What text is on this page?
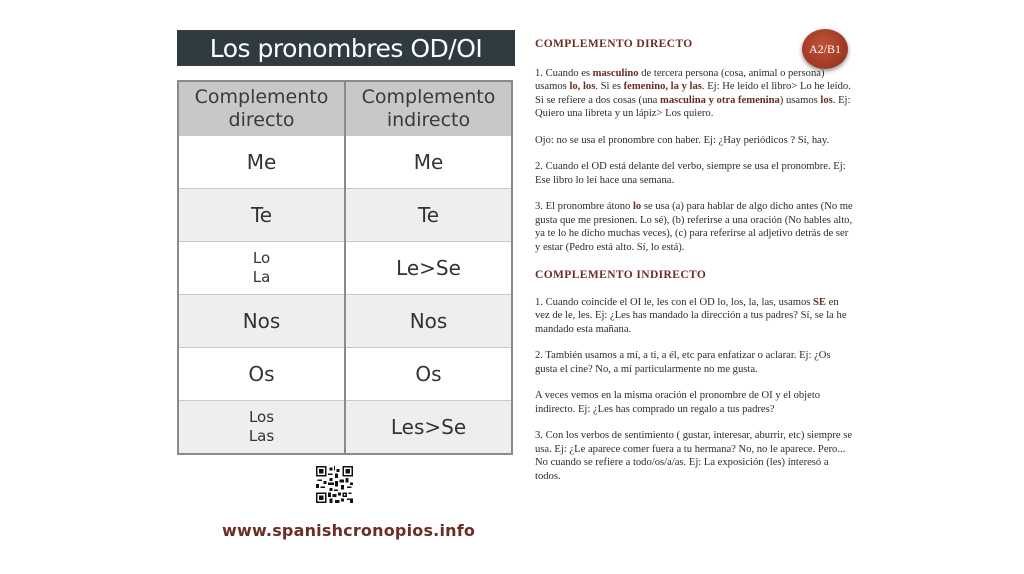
Los pronombres OD/OI
Complemento
directo	Complemento
indirecto

Me	Me

Te	Te

Lo
La	Le>Se

Nos	Nos

Os	Os

Los
Las	Les>Se
www.spanishcronopios.info
A2/B1
COMPLEMENTO DIRECTO

1. Cuando es masculino de tercera persona (cosa, animal o persona) usamos lo, los. Si es femenino, la y las. Ej: He leído el libro> Lo he leído. Si se refiere a dos cosas (una masculina y otra femenina) usamos los. Ej: Quiero una libreta y un lápiz> Los quiero.

Ojo: no se usa el pronombre con haber. Ej: ¿Hay periódicos ? Sí, hay.

2. Cuando el OD está delante del verbo, siempre se usa el pronombre. Ej: Ese libro lo leí hace una semana.

3. El pronombre átono lo se usa (a) para hablar de algo dicho antes (No me gusta que me presionen. Lo sé), (b) referirse a una oración (No hables alto, ya te lo he dicho muchas veces), (c) para referirse al adjetivo detrás de ser y estar (Pedro está alto. Sí, lo está).

COMPLEMENTO INDIRECTO

1. Cuando coincide el OI le, les con el OD lo, los, la, las, usamos SE en vez de le, les. Ej: ¿Les has mandado la dirección a tus padres? Sí, se la he mandado esta mañana.

2. También usamos a mí, a ti, a él, etc para enfatizar o aclarar. Ej: ¿Os gusta el cine? No, a mí particularmente no me gusta.

A veces vemos en la misma oración el pronombre de OI y el objeto indirecto. Ej: ¿Les has comprado un regalo a tus padres?

3. Con los verbos de sentimiento ( gustar, interesar, aburrir, etc) siempre se usa. Ej: ¿Le aparece comer fuera a tu hermana? No, no le aparece. Pero... No cuando se refiere a todo/os/a/as. Ej: La exposición (les) interesó a todos.
